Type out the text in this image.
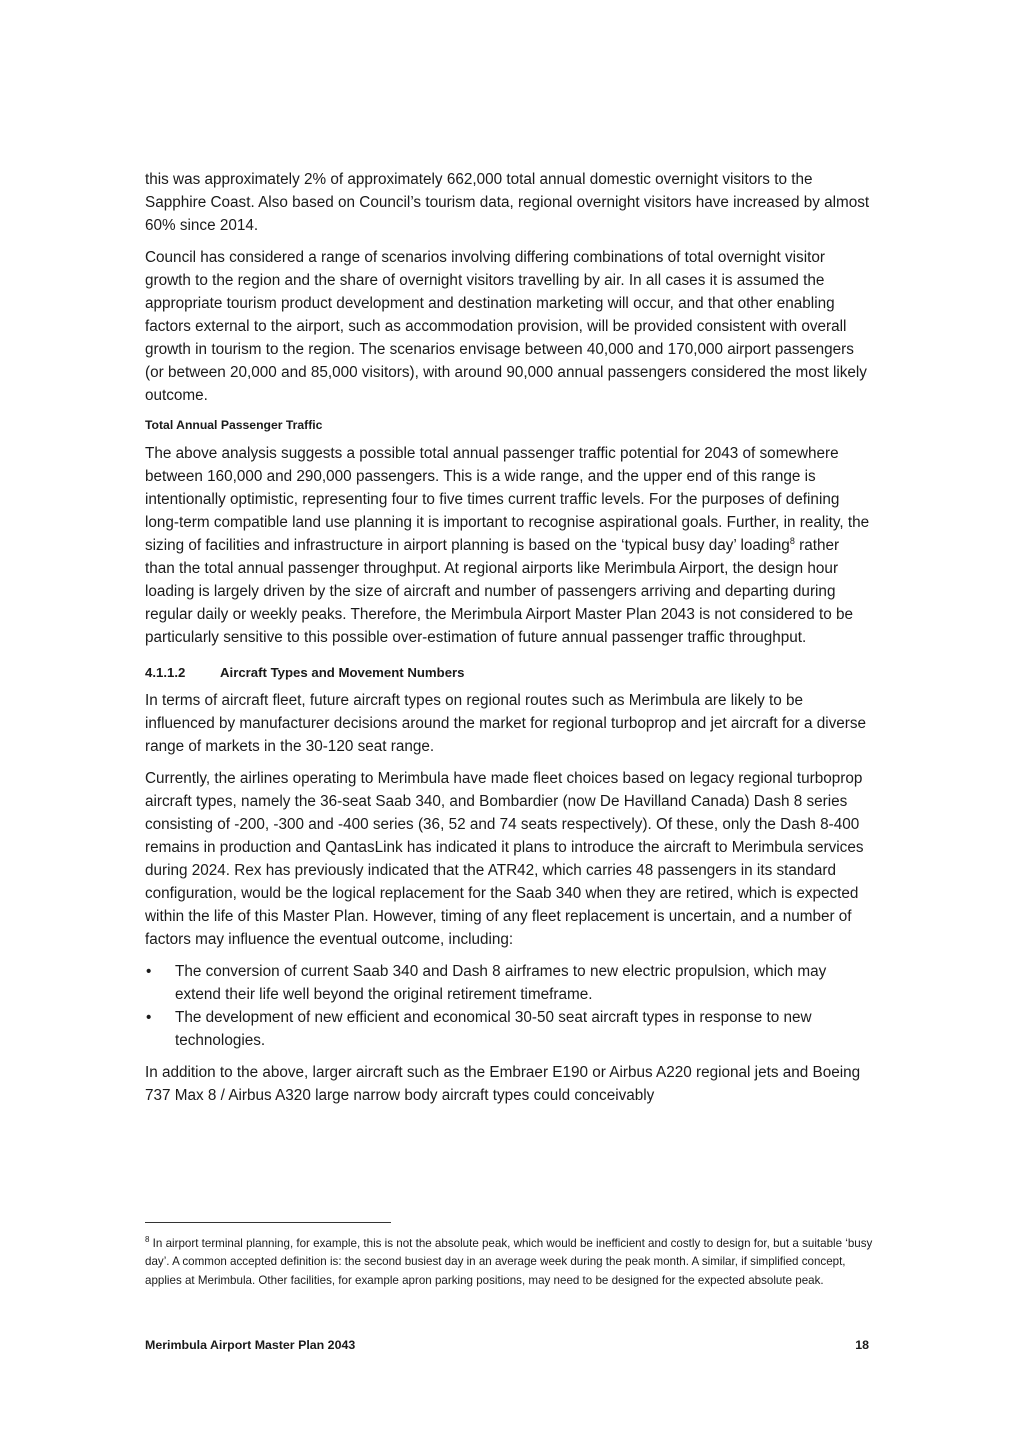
this was approximately 2% of approximately 662,000 total annual domestic overnight visitors to the Sapphire Coast. Also based on Council’s tourism data, regional overnight visitors have increased by almost 60% since 2014.

Council has considered a range of scenarios involving differing combinations of total overnight visitor growth to the region and the share of overnight visitors travelling by air. In all cases it is assumed the appropriate tourism product development and destination marketing will occur, and that other enabling factors external to the airport, such as accommodation provision, will be provided consistent with overall growth in tourism to the region. The scenarios envisage between 40,000 and 170,000 airport passengers (or between 20,000 and 85,000 visitors), with around 90,000 annual passengers considered the most likely outcome.

Total Annual Passenger Traffic

The above analysis suggests a possible total annual passenger traffic potential for 2043 of somewhere between 160,000 and 290,000 passengers. This is a wide range, and the upper end of this range is intentionally optimistic, representing four to five times current traffic levels. For the purposes of defining long-term compatible land use planning it is important to recognise aspirational goals. Further, in reality, the sizing of facilities and infrastructure in airport planning is based on the ‘typical busy day’ loading$^8$ rather than the total annual passenger throughput. At regional airports like Merimbula Airport, the design hour loading is largely driven by the size of aircraft and number of passengers arriving and departing during regular daily or weekly peaks. Therefore, the Merimbula Airport Master Plan 2043 is not considered to be particularly sensitive to this possible over-estimation of future annual passenger traffic throughput.

4.1.1.2	Aircraft Types and Movement Numbers

In terms of aircraft fleet, future aircraft types on regional routes such as Merimbula are likely to be influenced by manufacturer decisions around the market for regional turboprop and jet aircraft for a diverse range of markets in the 30-120 seat range.

Currently, the airlines operating to Merimbula have made fleet choices based on legacy regional turboprop aircraft types, namely the 36-seat Saab 340, and Bombardier (now De Havilland Canada) Dash 8 series consisting of -200, -300 and -400 series (36, 52 and 74 seats respectively). Of these, only the Dash 8-400 remains in production and QantasLink has indicated it plans to introduce the aircraft to Merimbula services during 2024. Rex has previously indicated that the ATR42, which carries 48 passengers in its standard configuration, would be the logical replacement for the Saab 340 when they are retired, which is expected within the life of this Master Plan. However, timing of any fleet replacement is uncertain, and a number of factors may influence the eventual outcome, including:

• The conversion of current Saab 340 and Dash 8 airframes to new electric propulsion, which may extend their life well beyond the original retirement timeframe.
• The development of new efficient and economical 30-50 seat aircraft types in response to new technologies.

In addition to the above, larger aircraft such as the Embraer E190 or Airbus A220 regional jets and Boeing 737 Max 8 / Airbus A320 large narrow body aircraft types could conceivably

$^8$ In airport terminal planning, for example, this is not the absolute peak, which would be inefficient and costly to design for, but a suitable ‘busy day’. A common accepted definition is: the second busiest day in an average week during the peak month. A similar, if simplified concept, applies at Merimbula. Other facilities, for example apron parking positions, may need to be designed for the expected absolute peak.
Merimbula Airport Master Plan 2043	18
